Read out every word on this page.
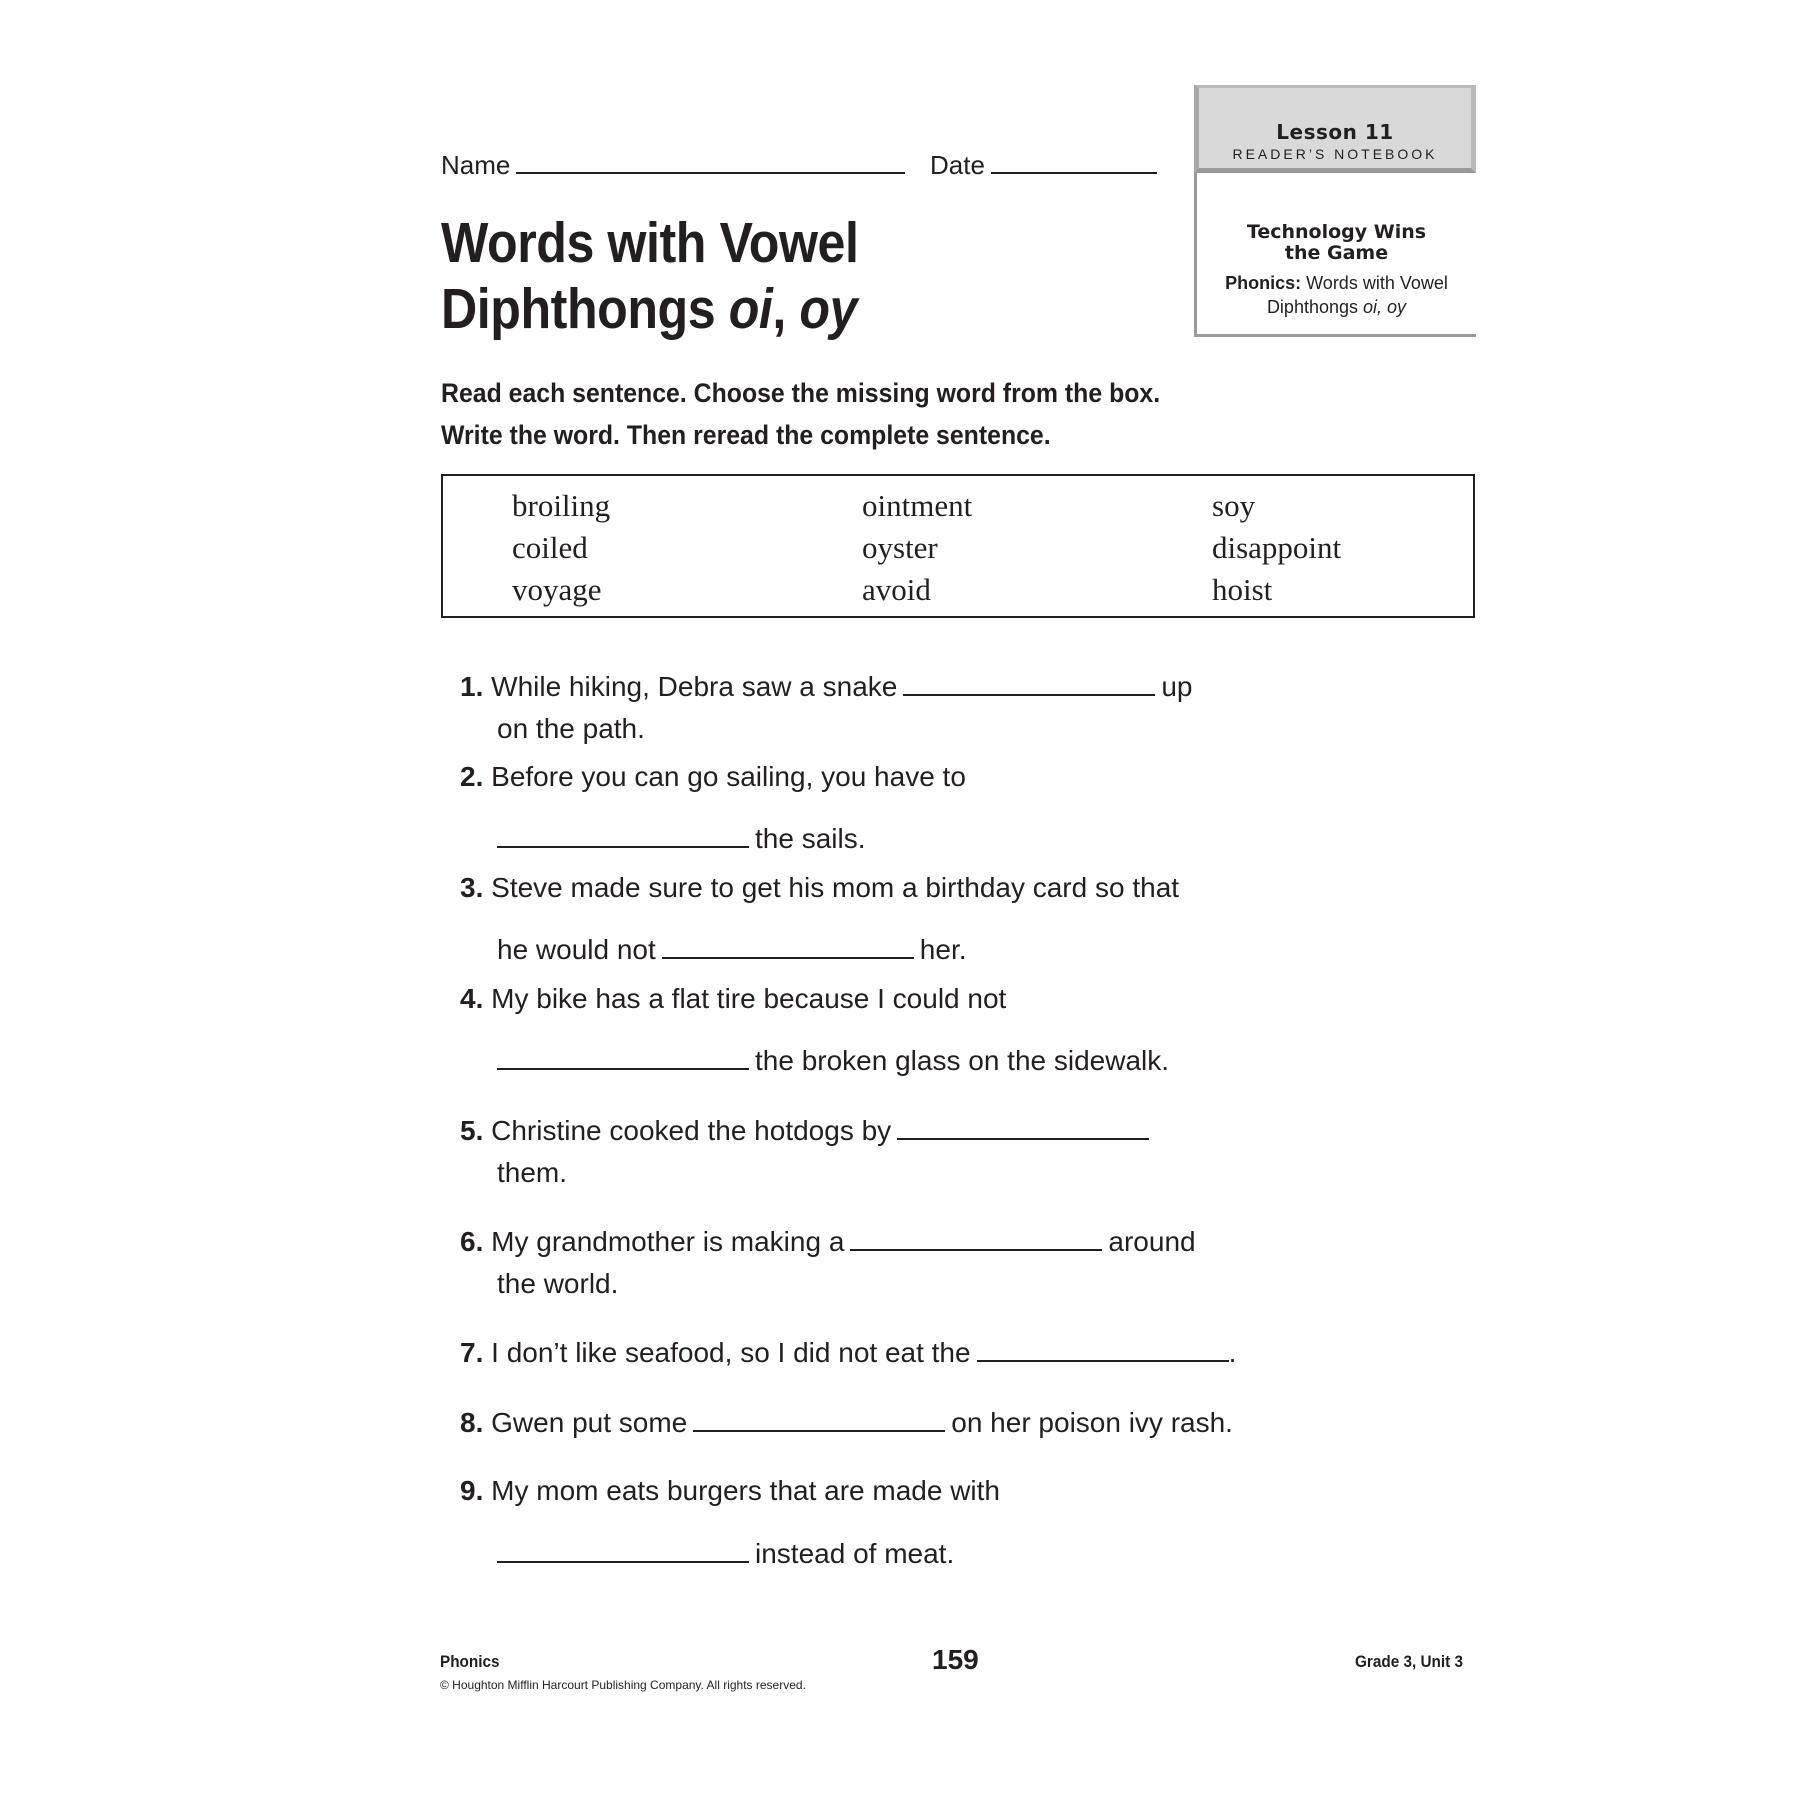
Name	Date
Lesson 11
READER’S NOTEBOOK
Technology Wins the Game
Phonics: Words with Vowel
Diphthongs oi, oy
Words with Vowel
Diphthongs oi, oy
Read each sentence. Choose the missing word from the box.
Write the word. Then reread the complete sentence.
broiling	ointment	soy
coiled	oyster	disappoint
voyage	avoid	hoist
1. While hiking, Debra saw a snake	up
on the path.
2. Before you can go sailing, you have to
the sails.
3. Steve made sure to get his mom a birthday card so that
he would not	her.
4. My bike has a flat tire because I could not
the broken glass on the sidewalk.
5. Christine cooked the hotdogs by
them.
6. My grandmother is making a	around
the world.
7. I don’t like seafood, so I did not eat the	.
8. Gwen put some	on her poison ivy rash.
9. My mom eats burgers that are made with
instead of meat.
Phonics
© Houghton Mifflin Harcourt Publishing Company. All rights reserved.
159	Grade 3, Unit 3
